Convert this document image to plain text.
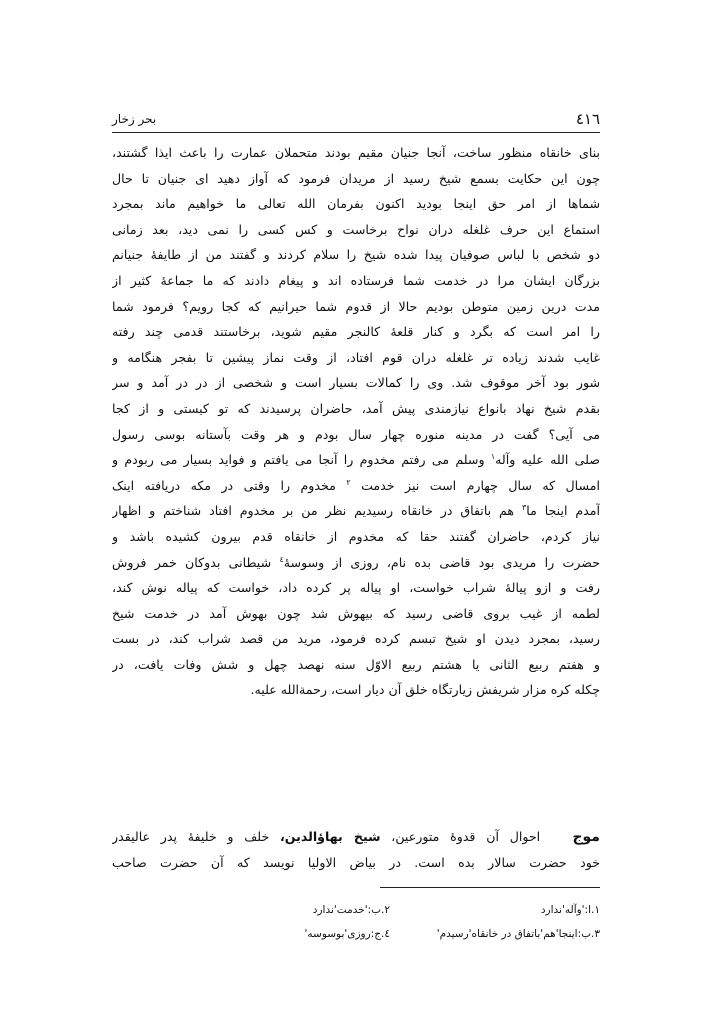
٤١٦
بحر زخار
بنای خانقاه منظور ساخت، آنجا جنیان مقیم بودند متحملان عمارت را باعث ایذا گشتند،
چون این حکایت بسمع شیخ رسید از مریدان فرمود که آواز دهید ای جنیان تا حال
شماها از امر حق اینجا بودید اکنون بفرمان الله تعالی ما خواهیم ماند بمجرد
استماع این حرف غلغله دران نواح برخاست و کس کسی را نمی دید، بعد زمانی
دو شخص با لباس صوفیان پیدا شده شیخ را سلام کردند و گفتند من از طایفهٔ جنیانم
بزرگان ایشان مرا در خدمت شما فرستاده اند و پیغام دادند که ما جماعهٔ کثیر از
مدت درین زمین متوطن بودیم حالا از قدوم شما حیرانیم که کجا رویم؟ فرمود شما
را امر است که بگرد و کنار قلعهٔ کالنجر مقیم شوید، برخاستند قدمی چند رفته
غایب شدند زیاده تر غلغله دران قوم افتاد، از وقت نماز پیشین تا بفجر هنگامه و
شور بود آخر موقوف شد. وی را کمالات بسیار است و شخصی از در در آمد و سر
بقدم شیخ نهاد بانواع نیازمندی پیش آمد، حاضران پرسیدند که تو کیستی و از کجا
می آیی؟ گفت در مدینه منوره چهار سال بودم و هر وقت بآستانه بوسی رسول
صلی الله علیه وآله$^١$ وسلم می رفتم مخدوم را آنجا می یافتم و فواید بسیار می ربودم و
امسال که سال چهارم است نیز خدمت $^٢$ مخدوم را وقتی در مکه دریافته اینک
آمدم اینجا ما$^٣$ هم باتفاق در خانقاه رسیدیم نظر من بر مخدوم افتاد شناختم و اظهار
نیاز کردم، حاضران گفتند حقا که مخدوم از خانقاه قدم بیرون کشیده باشد و
حضرت را مریدی بود قاضی بده نام، روزی از وسوسهٔ$^٤$ شیطانی بدوکان خمر فروش
رفت و ازو پیالهٔ شراب خواست، او پیاله پر کرده داد، خواست که پیاله نوش کند،
لطمه از غیب بروی قاضی رسید که بیهوش شد چون بهوش آمد در خدمت شیخ
رسید، بمجرد دیدن او شیخ تبسم کرده فرمود، مرید من قصد شراب کند، در بست
و هفتم ربیع الثانی یا هشتم ربیع الاوّل سنه نهصد چهل و شش وفات یافت، در
چکله کره مزار شریفش زیارتگاه خلق آن دیار است، رحمةالله علیه.
موج   احوال آن قدوهٔ متورعین، شیخ بهاؤالدین، خلف و خلیفهٔ پدر عالیقدر
خود حضرت سالار بده است. در بیاض الاولیا نویسد که آن حضرت صاحب
١.ا:'وآله'ندارد
٢.ب:'خدمت'ندارد
٣.ب:اینجا'هم'باتفاق در خانقاه'رسیدم'
٤.ج:روزی'بوسوسه'
